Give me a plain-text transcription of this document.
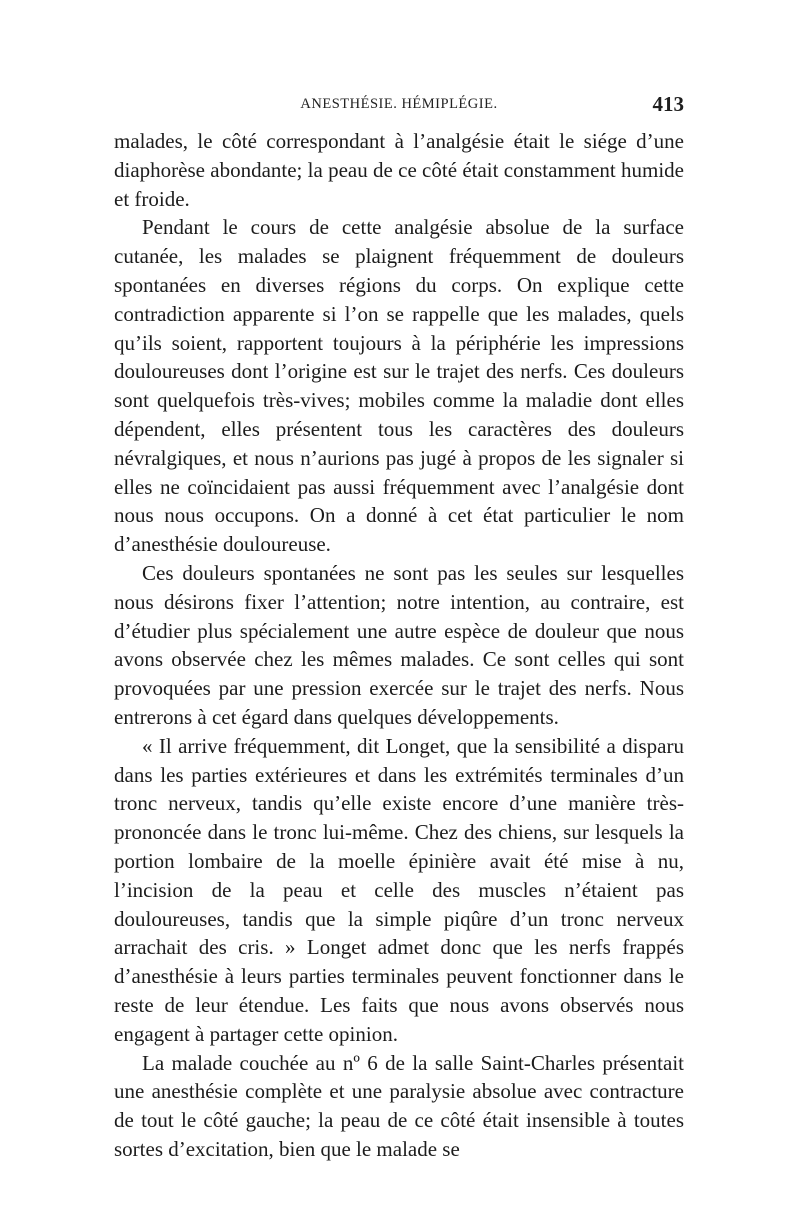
ANESTHÉSIE. HÉMIPLÉGIE.	413

malades, le côté correspondant à l’analgésie était le siége d’une diaphorèse abondante; la peau de ce côté était constamment humide et froide.

Pendant le cours de cette analgésie absolue de la surface cutanée, les malades se plaignent fréquemment de douleurs spontanées en diverses régions du corps. On explique cette contradiction apparente si l’on se rappelle que les malades, quels qu’ils soient, rapportent toujours à la périphérie les impressions douloureuses dont l’origine est sur le trajet des nerfs. Ces douleurs sont quelquefois très-vives; mobiles comme la maladie dont elles dépendent, elles présentent tous les caractères des douleurs névralgiques, et nous n’aurions pas jugé à propos de les signaler si elles ne coïncidaient pas aussi fréquemment avec l’analgésie dont nous nous occupons. On a donné à cet état particulier le nom d’anesthésie douloureuse.

Ces douleurs spontanées ne sont pas les seules sur lesquelles nous désirons fixer l’attention; notre intention, au contraire, est d’étudier plus spécialement une autre espèce de douleur que nous avons observée chez les mêmes malades. Ce sont celles qui sont provoquées par une pression exercée sur le trajet des nerfs. Nous entrerons à cet égard dans quelques développements.

« Il arrive fréquemment, dit Longet, que la sensibilité a disparu dans les parties extérieures et dans les extrémités terminales d’un tronc nerveux, tandis qu’elle existe encore d’une manière très-prononcée dans le tronc lui-même. Chez des chiens, sur lesquels la portion lombaire de la moelle épinière avait été mise à nu, l’incision de la peau et celle des muscles n’étaient pas douloureuses, tandis que la simple piqûre d’un tronc nerveux arrachait des cris. » Longet admet donc que les nerfs frappés d’anesthésie à leurs parties terminales peuvent fonctionner dans le reste de leur étendue. Les faits que nous avons observés nous engagent à partager cette opinion.

La malade couchée au nº 6 de la salle Saint-Charles présentait une anesthésie complète et une paralysie absolue avec contracture de tout le côté gauche; la peau de ce côté était insensible à toutes sortes d’excitation, bien que le malade se
